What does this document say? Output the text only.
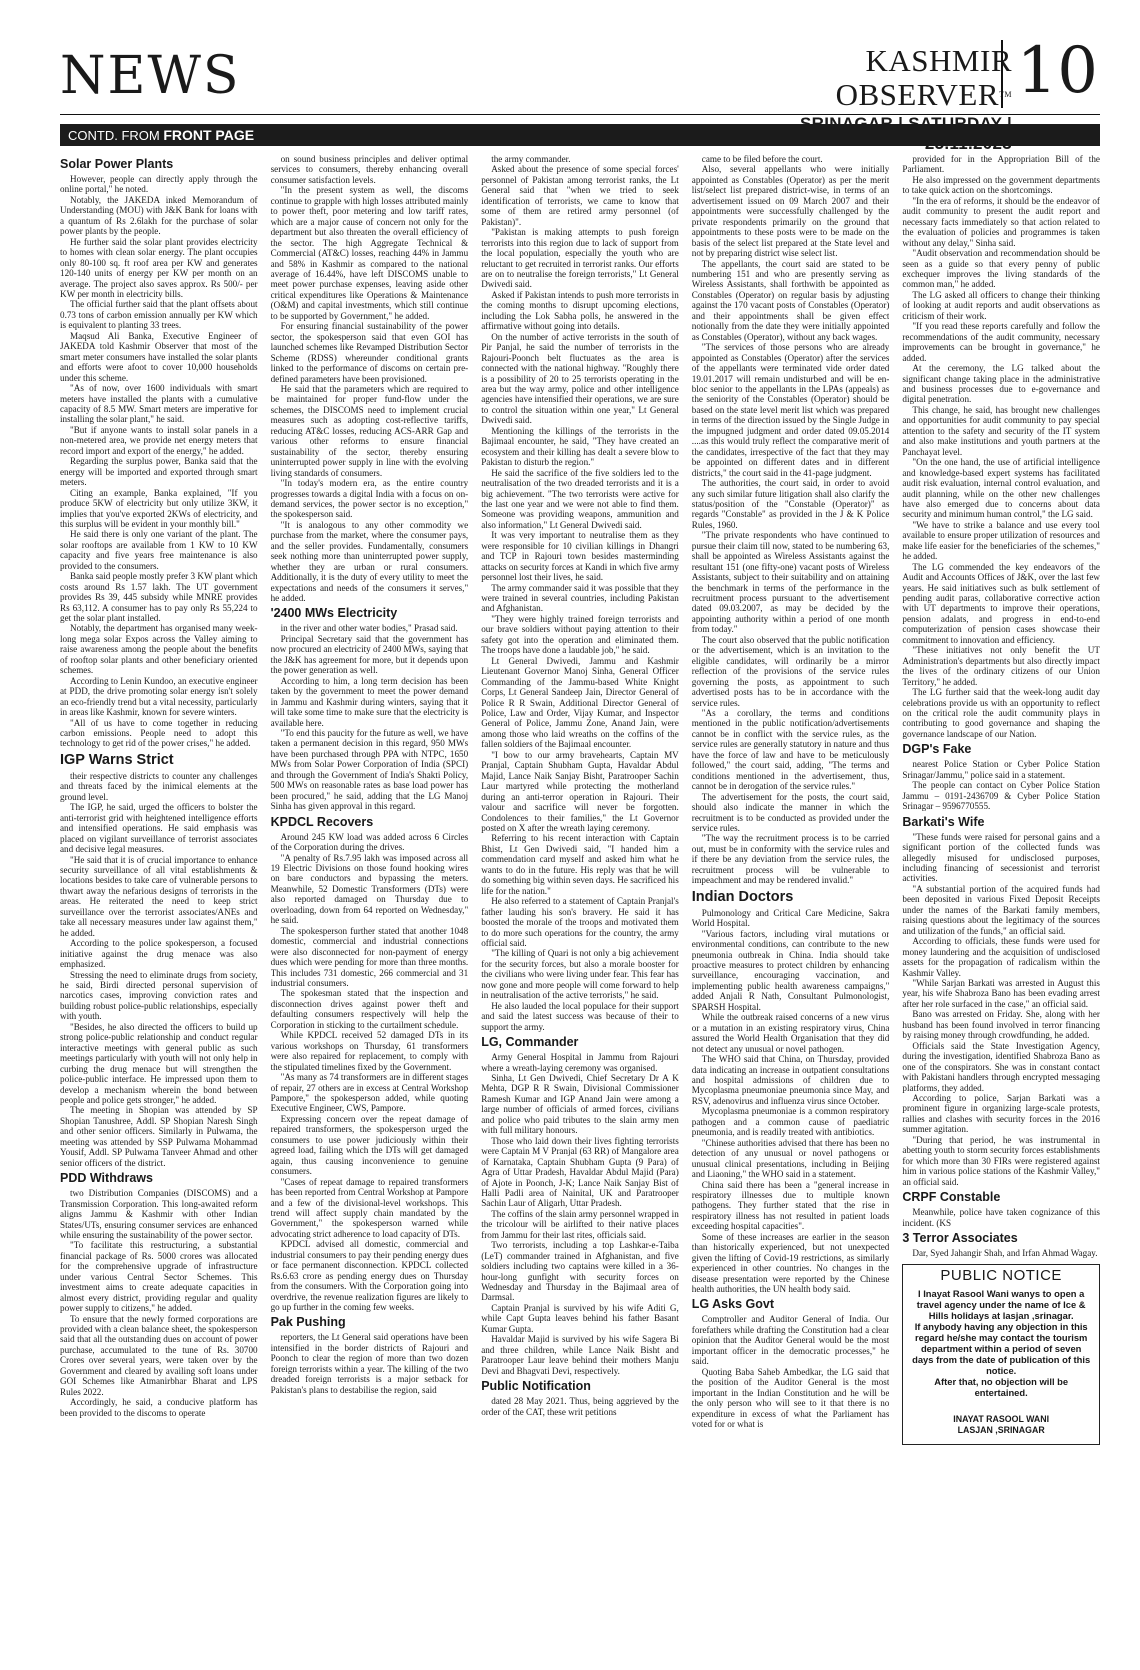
NEWS	KASHMIR OBSERVER™ 10
CONTD. FROM FRONT PAGE
Solar Power Plants

However, people can directly apply through the online portal," he noted.

Notably, the JAKEDA inked Memorandum of Understanding (MOU) with J&K Bank for loans with a quantum of Rs 2.6lakh for the purchase of solar power plants by the people.

He further said the solar plant provides electricity to homes with clean solar energy. The plant occupies only 80-100 sq. ft roof area per KW and generates 120-140 units of energy per KW per month on an average. The project also saves approx. Rs 500/- per KW per month in electricity bills.

The official further said that the plant offsets about 0.73 tons of carbon emission annually per KW which is equivalent to planting 33 trees.

Maqsud Ali Banka, Executive Engineer of JAKEDA told Kashmir Observer that most of the smart meter consumers have installed the solar plants and efforts were afoot to cover 10,000 households under this scheme.

"As of now, over 1600 individuals with smart meters have installed the plants with a cumulative capacity of 8.5 MW. Smart meters are imperative for installing the solar plant," he said.

"But if anyone wants to install solar panels in a non-metered area, we provide net energy meters that record import and export of the energy," he added.

Regarding the surplus power, Banka said that the energy will be imported and exported through smart meters.

Citing an example, Banka explained, "If you produce 5KW of electricity but only utilize 3KW, it implies that you've exported 2KWs of electricity, and this surplus will be evident in your monthly bill."

He said there is only one variant of the plant. The solar rooftops are available from 1 KW to 10 KW capacity and five years free maintenance is also provided to the consumers.

Banka said people mostly prefer 3 KW plant which costs around Rs 1.57 lakh. The UT government provides Rs 39, 445 subsidy while MNRE provides Rs 63,112. A consumer has to pay only Rs 55,224 to get the solar plant installed.

Notably, the department has organised many week-long mega solar Expos across the Valley aiming to raise awareness among the people about the benefits of rooftop solar plants and other beneficiary oriented schemes.

According to Lenin Kundoo, an executive engineer at PDD, the drive promoting solar energy isn't solely an eco-friendly trend but a vital necessity, particularly in areas like Kashmir, known for severe winters.

"All of us have to come together in reducing carbon emissions. People need to adopt this technology to get rid of the power crises," he added.

IGP Warns Strict

their respective districts to counter any challenges and threats faced by the inimical elements at the ground level.

The IGP, he said, urged the officers to bolster the anti-terrorist grid with heightened intelligence efforts and intensified operations. He said emphasis was placed on vigilant surveillance of terrorist associates and decisive legal measures.

"He said that it is of crucial importance to enhance security surveillance of all vital establishments & locations besides to take care of vulnerable persons to thwart away the nefarious designs of terrorists in the areas. He reiterated the need to keep strict surveillance over the terrorist associates/ANEs and take all necessary measures under law against them," he added.

According to the police spokesperson, a focused initiative against the drug menace was also emphasized.

Stressing the need to eliminate drugs from society, he said, Birdi directed personal supervision of narcotics cases, improving conviction rates and building robust police-public relationships, especially with youth.

"Besides, he also directed the officers to build up strong police-public relationship and conduct regular interactive meetings with general public as such meetings particularly with youth will not only help in curbing the drug menace but will strengthen the police-public interface. He impressed upon them to develop a mechanism wherein the bond between people and police gets stronger," he added.

The meeting in Shopian was attended by SP Shopian Tanushree, Addl. SP Shopian Naresh Singh and other senior officers. Similarly in Pulwama, the meeting was attended by SSP Pulwama Mohammad Yousif, Addl. SP Pulwama Tanveer Ahmad and other senior officers of the district.

PDD Withdraws

two Distribution Companies (DISCOMS) and a Transmission Corporation. This long-awaited reform aligns Jammu & Kashmir with other Indian States/UTs, ensuring consumer services are enhanced while ensuring the sustainability of the power sector.

"To facilitate this restructuring, a substantial financial package of Rs. 5000 crores was allocated for the comprehensive upgrade of infrastructure under various Central Sector Schemes. This investment aims to create adequate capacities in almost every district, providing regular and quality power supply to citizens," he added.

To ensure that the newly formed corporations are provided with a clean balance sheet, the spokesperson said that all the outstanding dues on account of power purchase, accumulated to the tune of Rs. 30700 Crores over several years, were taken over by the Government and cleared by availing soft loans under GOI Schemes like Atmanirbhar Bharat and LPS Rules 2022.

Accordingly, he said, a conducive platform has been provided to the discoms to operate

on sound business principles and deliver optimal services to consumers, thereby enhancing overall consumer satisfaction levels.

"In the present system as well, the discoms continue to grapple with high losses attributed mainly to power theft, poor metering and low tariff rates, which are a major cause of concern not only for the department but also threaten the overall efficiency of the sector. The high Aggregate Technical & Commercial (AT&C) losses, reaching 44% in Jammu and 58% in Kashmir as compared to the national average of 16.44%, have left DISCOMS unable to meet power purchase expenses, leaving aside other critical expenditures like Operations & Maintenance (O&M) and capital investments, which still continue to be supported by Government," he added.

For ensuring financial sustainability of the power sector, the spokesperson said that even GOI has launched schemes like Revamped Distribution Sector Scheme (RDSS) whereunder conditional grants linked to the performance of discoms on certain pre-defined parameters have been provisioned.

He said that the parameters which are required to be maintained for proper fund-flow under the schemes, the DISCOMS need to implement crucial measures such as adopting cost-reflective tariffs, reducing AT&C losses, reducing ACS-ARR Gap and various other reforms to ensure financial sustainability of the sector, thereby ensuring uninterrupted power supply in line with the evolving living standards of consumers.

"In today's modern era, as the entire country progresses towards a digital India with a focus on on-demand services, the power sector is no exception," the spokesperson said.

"It is analogous to any other commodity we purchase from the market, where the consumer pays, and the seller provides. Fundamentally, consumers seek nothing more than uninterrupted power supply, whether they are urban or rural consumers. Additionally, it is the duty of every utility to meet the expectations and needs of the consumers it serves," he added.

'2400 MWs Electricity

in the river and other water bodies," Prasad said.

Principal Secretary said that the government has now procured an electricity of 2400 MWs, saying that the J&K has agreement for more, but it depends upon the power generation as well.

According to him, a long term decision has been taken by the government to meet the power demand in Jammu and Kashmir during winters, saying that it will take some time to make sure that the electricity is available here.

"To end this paucity for the future as well, we have taken a permanent decision in this regard, 950 MWs have been purchased through PPA with NTPC, 1650 MWs from Solar Power Corporation of India (SPCI) and through the Government of India's Shakti Policy, 500 MWs on reasonable rates as base load power has been procured," he said, adding that the LG Manoj Sinha has given approval in this regard.

KPDCL Recovers

Around 245 KW load was added across 6 Circles of the Corporation during the drives.

"A penalty of Rs.7.95 lakh was imposed across all 19 Electric Divisions on those found hooking wires on bare conductors and bypassing the meters. Meanwhile, 52 Domestic Transformers (DTs) were also reported damaged on Thursday due to overloading, down from 64 reported on Wednesday," he said.

The spokesperson further stated that another 1048 domestic, commercial and industrial connections were also disconnected for non-payment of energy dues which were pending for more than three months. This includes 731 domestic, 266 commercial and 31 industrial consumers.

The spokesman stated that the inspection and disconnection drives against power theft and defaulting consumers respectively will help the Corporation in sticking to the curtailment schedule.

While KPDCL received 52 damaged DTs in its various workshops on Thursday, 61 transformers were also repaired for replacement, to comply with the stipulated timelines fixed by the Government.

"As many as 74 transformers are in different stages of repair, 27 others are in excess at Central Workshop Pampore," the spokesperson added, while quoting Executive Engineer, CWS, Pampore.

Expressing concern over the repeat damage of repaired transformers, the spokesperson urged the consumers to use power judiciously within their agreed load, failing which the DTs will get damaged again, thus causing inconvenience to genuine consumers.

"Cases of repeat damage to repaired transformers has been reported from Central Workshop at Pampore and a few of the divisional-level workshops. This trend will affect supply chain mandated by the Government," the spokesperson warned while advocating strict adherence to load capacity of DTs.

KPDCL advised all domestic, commercial and industrial consumers to pay their pending energy dues or face permanent disconnection. KPDCL collected Rs.6.63 crore as pending energy dues on Thursday from the consumers. With the Corporation going into overdrive, the revenue realization figures are likely to go up further in the coming few weeks.

Pak Pushing

reporters, the Lt General said operations have been intensified in the border districts of Rajouri and Poonch to clear the region of more than two dozen foreign terrorists within a year. The killing of the two dreaded foreign terrorists is a major setback for Pakistan's plans to destabilise the region, said

the army commander.

Asked about the presence of some special forces' personnel of Pakistan among terrorist ranks, the Lt General said that "when we tried to seek identification of terrorists, we came to know that some of them are retired army personnel (of Pakistan)".

"Pakistan is making attempts to push foreign terrorists into this region due to lack of support from the local population, especially the youth who are reluctant to get recruited in terrorist ranks. Our efforts are on to neutralise the foreign terrorists," Lt General Dwivedi said.

Asked if Pakistan intends to push more terrorists in the coming months to disrupt upcoming elections, including the Lok Sabha polls, he answered in the affirmative without going into details.

On the number of active terrorists in the south of Pir Panjal, he said the number of terrorists in the Rajouri-Poonch belt fluctuates as the area is connected with the national highway. "Roughly there is a possibility of 20 to 25 terrorists operating in the area but the way army, police and other intelligence agencies have intensified their operations, we are sure to control the situation within one year," Lt General Dwivedi said.

Mentioning the killings of the terrorists in the Bajimaal encounter, he said, "They have created an ecosystem and their killing has dealt a severe blow to Pakistan to disturb the region."

He said the sacrifice of the five soldiers led to the neutralisation of the two dreaded terrorists and it is a big achievement. "The two terrorists were active for the last one year and we were not able to find them. Someone was providing weapons, ammunition and also information," Lt General Dwivedi said.

It was very important to neutralise them as they were responsible for 10 civilian killings in Dhangri and TCP in Rajouri town besides masterminding attacks on security forces at Kandi in which five army personnel lost their lives, he said.

The army commander said it was possible that they were trained in several countries, including Pakistan and Afghanistan.

"They were highly trained foreign terrorists and our brave soldiers without paying attention to their safety got into the operation and eliminated them. The troops have done a laudable job," he said.

Lt General Dwivedi, Jammu and Kashmir Lieutenant Governor Manoj Sinha, General Officer Commanding of the Jammu-based White Knight Corps, Lt General Sandeep Jain, Director General of Police R R Swain, Additional Director General of Police, Law and Order, Vijay Kumar, and Inspector General of Police, Jammu Zone, Anand Jain, were among those who laid wreaths on the coffins of the fallen soldiers of the Bajimaal encounter.

"I bow to our army bravehearts, Captain MV Pranjal, Captain Shubham Gupta, Havaldar Abdul Majid, Lance Naik Sanjay Bisht, Paratrooper Sachin Laur martyred while protecting the motherland during an anti-terror operation in Rajouri. Their valour and sacrifice will never be forgotten. Condolences to their families," the Lt Governor posted on X after the wreath laying ceremony.

Referring to his recent interaction with Captain Bhist, Lt Gen Dwivedi said, "I handed him a commendation card myself and asked him what he wants to do in the future. His reply was that he will do something big within seven days. He sacrificed his life for the nation."

He also referred to a statement of Captain Pranjal's father lauding his son's bravery. He said it has boosted the morale of the troops and motivated them to do more such operations for the country, the army official said.

"The killing of Quari is not only a big achievement for the security forces, but also a morale booster for the civilians who were living under fear. This fear has now gone and more people will come forward to help in neutralisation of the active terrorists," he said.

He also lauded the local populace for their support and said the latest success was because of their to support the army.

LG, Commander

Army General Hospital in Jammu from Rajouri where a wreath-laying ceremony was organised.

Sinha, Lt Gen Dwivedi, Chief Secretary Dr A K Mehta, DGP R R Swain, Divisional Commissioner Ramesh Kumar and IGP Anand Jain were among a large number of officials of armed forces, civilians and police who paid tributes to the slain army men with full military honours.

Those who laid down their lives fighting terrorists were Captain M V Pranjal (63 RR) of Mangalore area of Karnataka, Captain Shubham Gupta (9 Para) of Agra of Uttar Pradesh, Havaldar Abdul Majid (Para) of Ajote in Poonch, J-K; Lance Naik Sanjay Bist of Halli Padli area of Nainital, UK and Paratrooper Sachin Laur of Aligarh, Uttar Pradesh.

The coffins of the slain army personnel wrapped in the tricolour will be airlifted to their native places from Jammu for their last rites, officials said.

Two terrorists, including a top Lashkar-e-Taiba (LeT) commander trained in Afghanistan, and five soldiers including two captains were killed in a 36-hour-long gunfight with security forces on Wednesday and Thursday in the Bajimaal area of Darmsal.

Captain Pranjal is survived by his wife Aditi G, while Capt Gupta leaves behind his father Basant Kumar Gupta.

Havaldar Majid is survived by his wife Sagera Bi and three children, while Lance Naik Bisht and Paratrooper Laur leave behind their mothers Manju Devi and Bhagvati Devi, respectively.

Public Notification

dated 28 May 2021. Thus, being aggrieved by the order of the CAT, these writ petitions

came to be filed before the court.

Also, several appellants who were initially appointed as Constables (Operator) as per the merit list/select list prepared district-wise, in terms of an advertisement issued on 09 March 2007 and their appointments were successfully challenged by the private respondents primarily on the ground that appointments to these posts were to be made on the basis of the select list prepared at the State level and not by preparing district wise select list.

The appellants, the court said are stated to be numbering 151 and who are presently serving as Wireless Assistants, shall forthwith be appointed as Constables (Operator) on regular basis by adjusting against the 170 vacant posts of Constables (Operator) and their appointments shall be given effect notionally from the date they were initially appointed as Constables (Operator), without any back wages.

"The services of those persons who are already appointed as Constables (Operator) after the services of the appellants were terminated vide order dated 19.01.2017 will remain undisturbed and will be en-bloc senior to the appellants in the LPAs (appeals) as the seniority of the Constables (Operator) should be based on the state level merit list which was prepared in terms of the direction issued by the Single Judge in the impugned judgment and order dated 09.05.2014 ....as this would truly reflect the comparative merit of the candidates, irrespective of the fact that they may be appointed on different dates and in different districts," the court said in the 41-page judgment.

The authorities, the court said, in order to avoid any such similar future litigation shall also clarify the status/position of the "Constable (Operator)" as regards "Constable" as provided in the J & K Police Rules, 1960.

"The private respondents who have continued to pursue their claim till now, stated to be numbering 63, shall be appointed as Wireless Assistants against the resultant 151 (one fifty-one) vacant posts of Wireless Assistants, subject to their suitability and on attaining the benchmark in terms of the performance in the recruitment process pursuant to the advertisement dated 09.03.2007, as may be decided by the appointing authority within a period of one month from today."

The court also observed that the public notification or the advertisement, which is an invitation to the eligible candidates, will ordinarily be a mirror reflection of the provisions of the service rules governing the posts, as appointment to such advertised posts has to be in accordance with the service rules.

"As a corollary, the terms and conditions mentioned in the public notification/advertisements cannot be in conflict with the service rules, as the service rules are generally statutory in nature and thus have the force of law and have to be meticulously followed," the court said, adding, "The terms and conditions mentioned in the advertisement, thus, cannot be in derogation of the service rules."

The advertisement for the posts, the court said, should also indicate the manner in which the recruitment is to be conducted as provided under the service rules.

"The way the recruitment process is to be carried out, must be in conformity with the service rules and if there be any deviation from the service rules, the recruitment process will be vulnerable to impeachment and may be rendered invalid."

Indian Doctors

Pulmonology and Critical Care Medicine, Sakra World Hospital.

"Various factors, including viral mutations or environmental conditions, can contribute to the new pneumonia outbreak in China. India should take proactive measures to protect children by enhancing surveillance, encouraging vaccination, and implementing public health awareness campaigns," added Anjali R Nath, Consultant Pulmonologist, SPARSH Hospital.

While the outbreak raised concerns of a new virus or a mutation in an existing respiratory virus, China assured the World Health Organisation that they did not detect any unusual or novel pathogen.

The WHO said that China, on Thursday, provided data indicating an increase in outpatient consultations and hospital admissions of children due to Mycoplasma pneumoniae pneumonia since May, and RSV, adenovirus and influenza virus since October.

Mycoplasma pneumoniae is a common respiratory pathogen and a common cause of paediatric pneumonia, and is readily treated with antibiotics.

"Chinese authorities advised that there has been no detection of any unusual or novel pathogens or unusual clinical presentations, including in Beijing and Liaoning," the WHO said in a statement.

China said there has been a "general increase in respiratory illnesses due to multiple known pathogens. They further stated that the rise in respiratory illness has not resulted in patient loads exceeding hospital capacities".

Some of these increases are earlier in the season than historically experienced, but not unexpected given the lifting of Covid-19 restrictions, as similarly experienced in other countries. No changes in the disease presentation were reported by the Chinese health authorities, the UN health body said.

LG Asks Govt

Comptroller and Auditor General of India. Our forefathers while drafting the Constitution had a clear opinion that the Auditor General would be the most important officer in the democratic processes," he said.

Quoting Baba Saheb Ambedkar, the LG said that the position of the Auditor General is the most important in the Indian Constitution and he will be the only person who will see to it that there is no expenditure in excess of what the Parliament has voted for or what is

provided for in the Appropriation Bill of the Parliament.

He also impressed on the government departments to take quick action on the shortcomings.

"In the era of reforms, it should be the endeavor of audit community to present the audit report and necessary facts immediately so that action related to the evaluation of policies and programmes is taken without any delay," Sinha said.

"Audit observation and recommendation should be seen as a guide so that every penny of public exchequer improves the living standards of the common man," he added.

The LG asked all officers to change their thinking of looking at audit reports and audit observations as criticism of their work.

"If you read these reports carefully and follow the recommendations of the audit community, necessary improvements can be brought in governance," he added.

At the ceremony, the LG talked about the significant change taking place in the administrative and business processes due to e-governance and digital penetration.

This change, he said, has brought new challenges and opportunities for audit community to pay special attention to the safety and security of the IT system and also make institutions and youth partners at the Panchayat level.

"On the one hand, the use of artificial intelligence and knowledge-based expert systems has facilitated audit risk evaluation, internal control evaluation, and audit planning, while on the other new challenges have also emerged due to concerns about data security and minimum human control," the LG said.

"We have to strike a balance and use every tool available to ensure proper utilization of resources and make life easier for the beneficiaries of the schemes," he added.

The LG commended the key endeavors of the Audit and Accounts Offices of J&K, over the last few years. He said initiatives such as bulk settlement of pending audit paras, collaborative corrective action with UT departments to improve their operations, pension adalats, and progress in end-to-end computerization of pension cases showcase their commitment to innovation and efficiency.

"These initiatives not only benefit the UT Administration's departments but also directly impact the lives of the ordinary citizens of our Union Territory," he added.

The LG further said that the week-long audit day celebrations provide us with an opportunity to reflect on the critical role the audit community plays in contributing to good governance and shaping the governance landscape of our Nation.

DGP's Fake

nearest Police Station or Cyber Police Station Srinagar/Jammu," police said in a statement.

The people can contact on Cyber Police Station Jammu – 0191-2436709 & Cyber Police Station Srinagar – 9596770555.

Barkati's Wife

"These funds were raised for personal gains and a significant portion of the collected funds was allegedly misused for undisclosed purposes, including financing of secessionist and terrorist activities.

"A substantial portion of the acquired funds had been deposited in various Fixed Deposit Receipts under the names of the Barkati family members, raising questions about the legitimacy of the sources and utilization of the funds," an official said.

According to officials, these funds were used for money laundering and the acquisition of undisclosed assets for the propagation of radicalism within the Kashmir Valley.

"While Sarjan Barkati was arrested in August this year, his wife Shabroza Bano has been evading arrest after her role surfaced in the case," an official said.

Bano was arrested on Friday. She, along with her husband has been found involved in terror financing by raising money through crowdfunding, he added.

Officials said the State Investigation Agency, during the investigation, identified Shabroza Bano as one of the conspirators. She was in constant contact with Pakistani handlers through encrypted messaging platforms, they added.

According to police, Sarjan Barkati was a prominent figure in organizing large-scale protests, rallies and clashes with security forces in the 2016 summer agitation.

"During that period, he was instrumental in abetting youth to storm security forces establishments for which more than 30 FIRs were registered against him in various police stations of the Kashmir Valley," an official said.

CRPF Constable

Meanwhile, police have taken cognizance of this incident. (KS

3 Terror Associates

Dar, Syed Jahangir Shah, and Irfan Ahmad Wagay.

PUBLIC NOTICE
I Inayat Rasool Wani wanys to open a travel agency under the name of Ice & Hills holidays at lasjan ,srinagar.
If anybody having any objection in this regard he/she may contact the tourism department within a period of seven days from the date of publication of this notice.
After that, no objection will be entertained.
INAYAT RASOOL WANI
LASJAN ,SRINAGAR
